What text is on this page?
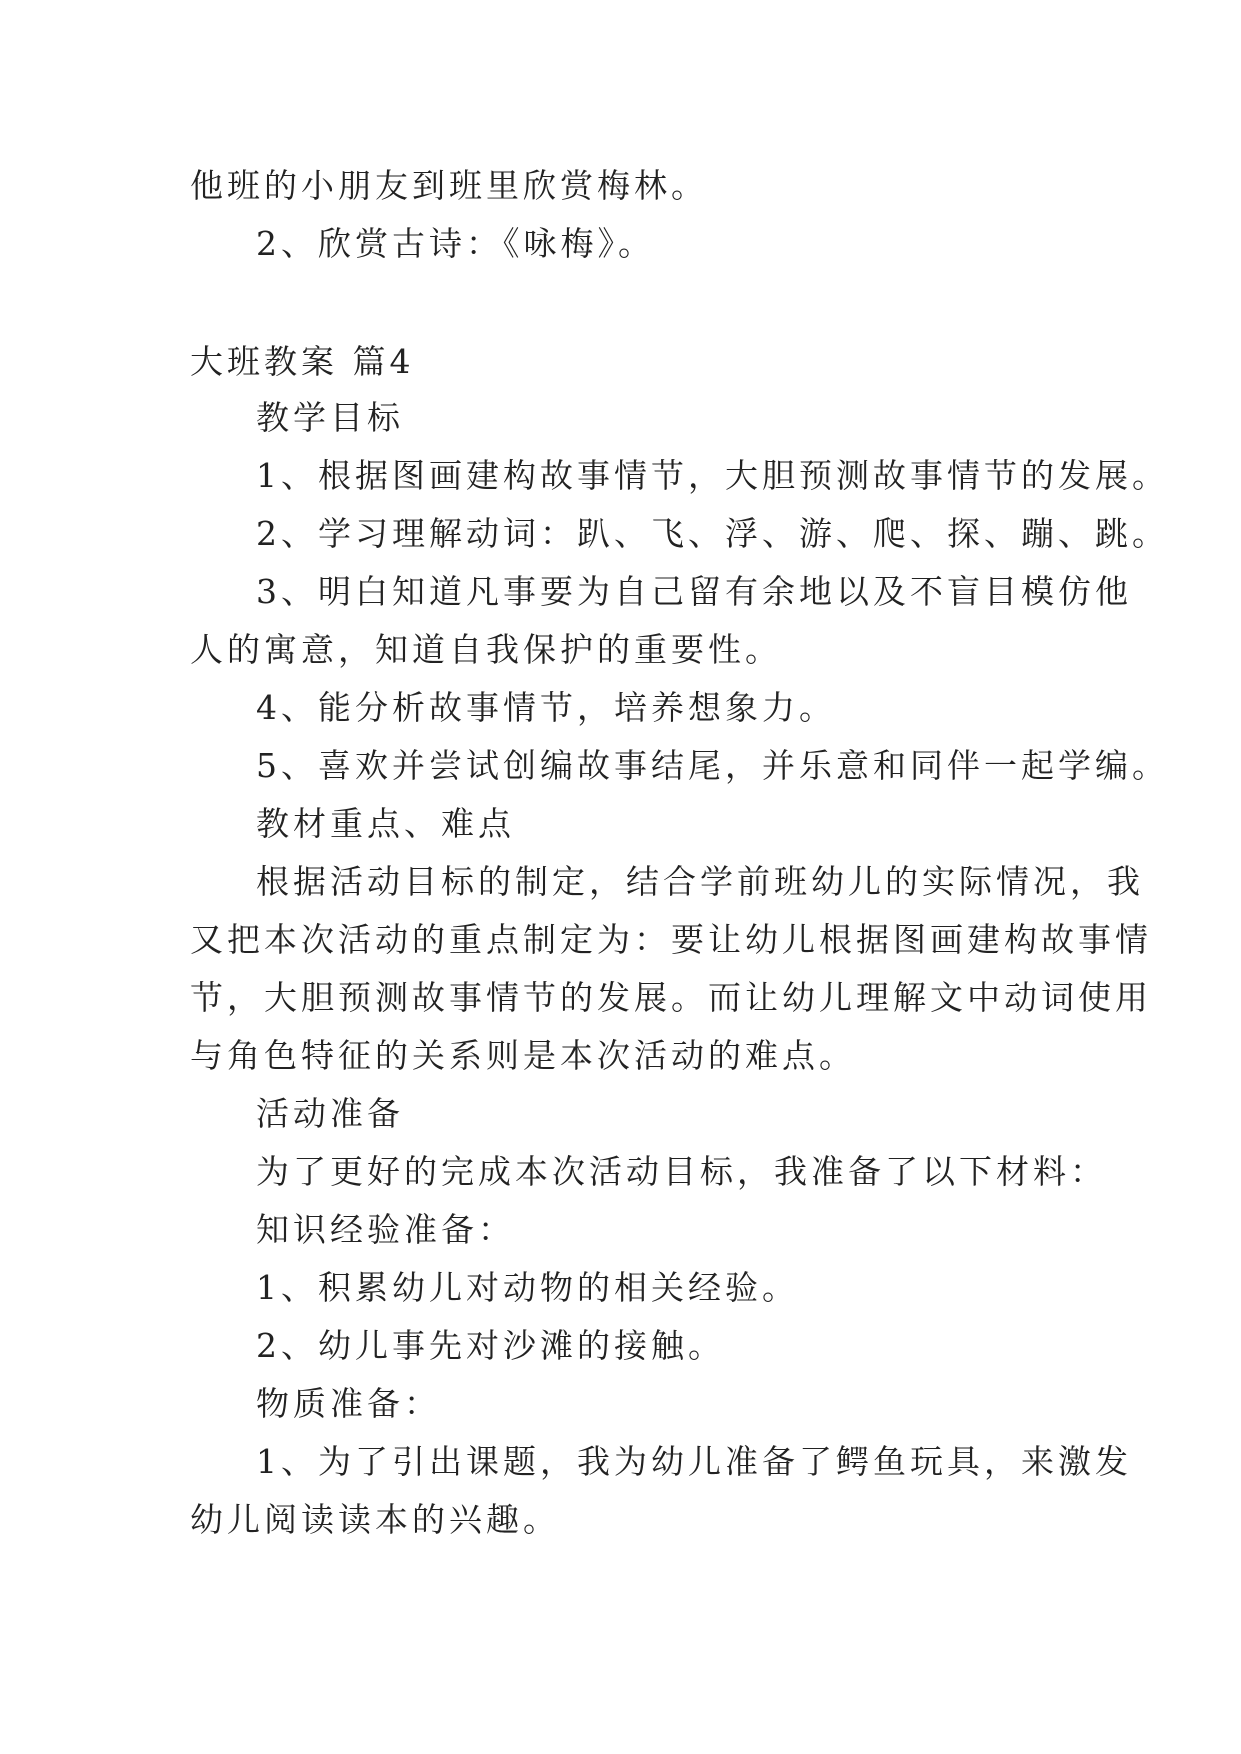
他班的小朋友到班里欣赏梅林。
2、欣赏古诗：《咏梅》。
大班教案 篇4
教学目标
1、根据图画建构故事情节，大胆预测故事情节的发展。
2、学习理解动词：趴、飞、浮、游、爬、探、蹦、跳。
3、明白知道凡事要为自己留有余地以及不盲目模仿他
人的寓意，知道自我保护的重要性。
4、能分析故事情节，培养想象力。
5、喜欢并尝试创编故事结尾，并乐意和同伴一起学编。
教材重点、难点
根据活动目标的制定，结合学前班幼儿的实际情况，我
又把本次活动的重点制定为：要让幼儿根据图画建构故事情
节，大胆预测故事情节的发展。而让幼儿理解文中动词使用
与角色特征的关系则是本次活动的难点。
活动准备
为了更好的完成本次活动目标，我准备了以下材料：
知识经验准备：
1、积累幼儿对动物的相关经验。
2、幼儿事先对沙滩的接触。
物质准备：
1、为了引出课题，我为幼儿准备了鳄鱼玩具，来激发
幼儿阅读读本的兴趣。
